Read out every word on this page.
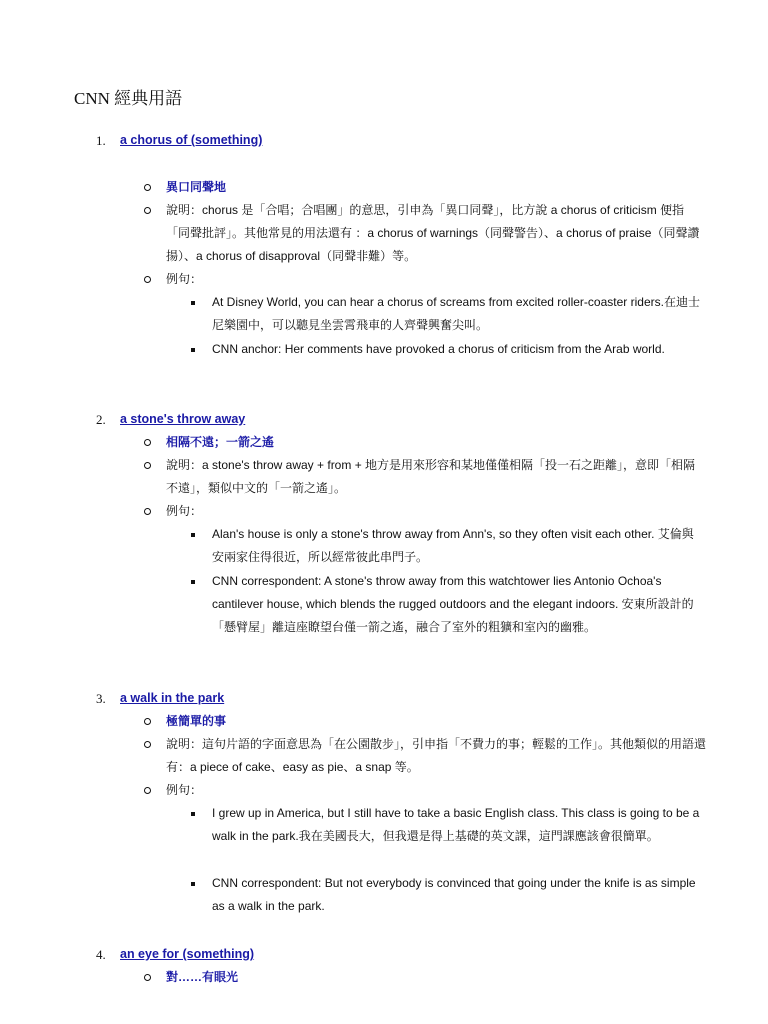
CNN 經典用語
1. a chorus of (something)
異口同聲地
說明：chorus 是「合唱；合唱團」的意思，引申為「異口同聲」，比方說 a chorus of criticism 便指「同聲批評」。其他常見的用法還有 ：a chorus of warnings（同聲警告）、a chorus of praise（同聲讚揚）、a chorus of disapproval（同聲非難）等。
例句：
At Disney World, you can hear a chorus of screams from excited roller-coaster riders.在迪士尼樂園中，可以聽見坐雲霄飛車的人齊聲興奮尖叫。
CNN anchor: Her comments have provoked a chorus of criticism from the Arab world.
2. a stone's throw away
相隔不遠；一箭之遙
說明：a stone's throw away + from + 地方是用來形容和某地僅僅相隔「投一石之距離」，意即「相隔不遠」，類似中文的「一箭之遙」。
例句：
Alan's house is only a stone's throw away from Ann's, so they often visit each other. 艾倫與安兩家住得很近，所以經常彼此串門子。
CNN correspondent: A stone's throw away from this watchtower lies Antonio Ochoa's cantilever house, which blends the rugged outdoors and the elegant indoors. 安東所設計的「懸臂屋」離這座瞭望台僅一箭之遙，融合了室外的粗獷和室內的幽雅。
3. a walk in the park
極簡單的事
說明：這句片語的字面意思為「在公園散步」，引申指「不費力的事；輕鬆的工作」。其他類似的用語還有：a piece of cake、easy as pie、a snap 等。
例句：
I grew up in America, but I still have to take a basic English class. This class is going to be a walk in the park.我在美國長大，但我還是得上基礎的英文課，這門課應該會很簡單。
CNN correspondent: But not everybody is convinced that going under the knife is as simple as a walk in the park.
4. an eye for (something)
對……有眼光
